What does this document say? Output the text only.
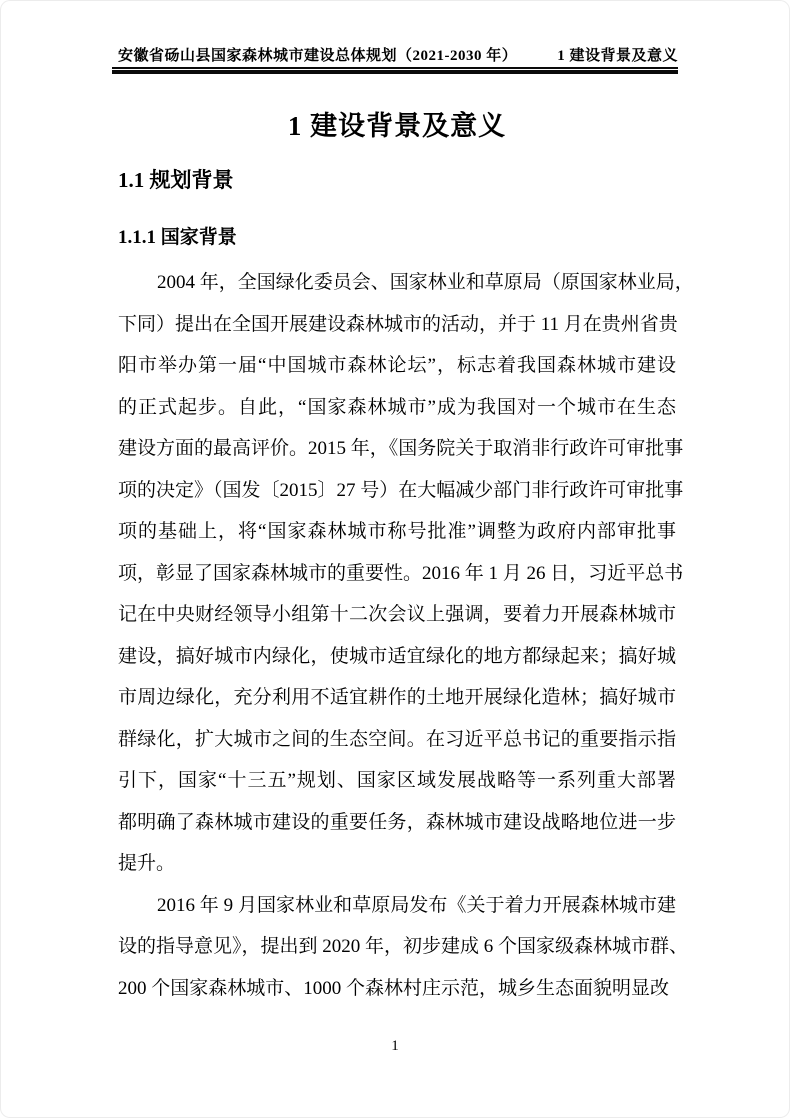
安徽省砀山县国家森林城市建设总体规划（2021-2030 年）	1 建设背景及意义
1 建设背景及意义
1.1 规划背景
1.1.1 国家背景
2004 年，全国绿化委员会、国家林业和草原局（原国家林业局，
下同）提出在全国开展建设森林城市的活动，并于 11 月在贵州省贵
阳市举办第一届“中国城市森林论坛”，标志着我国森林城市建设
的正式起步。自此，“国家森林城市”成为我国对一个城市在生态
建设方面的最高评价。2015 年，《国务院关于取消非行政许可审批事
项的决定》（国发〔2015〕27 号）在大幅减少部门非行政许可审批事
项的基础上，将“国家森林城市称号批准”调整为政府内部审批事
项，彰显了国家森林城市的重要性。2016 年 1 月 26 日，习近平总书
记在中央财经领导小组第十二次会议上强调，要着力开展森林城市
建设，搞好城市内绿化，使城市适宜绿化的地方都绿起来；搞好城
市周边绿化，充分利用不适宜耕作的土地开展绿化造林；搞好城市
群绿化，扩大城市之间的生态空间。在习近平总书记的重要指示指
引下，国家“十三五”规划、国家区域发展战略等一系列重大部署
都明确了森林城市建设的重要任务，森林城市建设战略地位进一步
提升。
2016 年 9 月国家林业和草原局发布《关于着力开展森林城市建
设的指导意见》，提出到 2020 年，初步建成 6 个国家级森林城市群、
200 个国家森林城市、1000 个森林村庄示范，城乡生态面貌明显改
1
